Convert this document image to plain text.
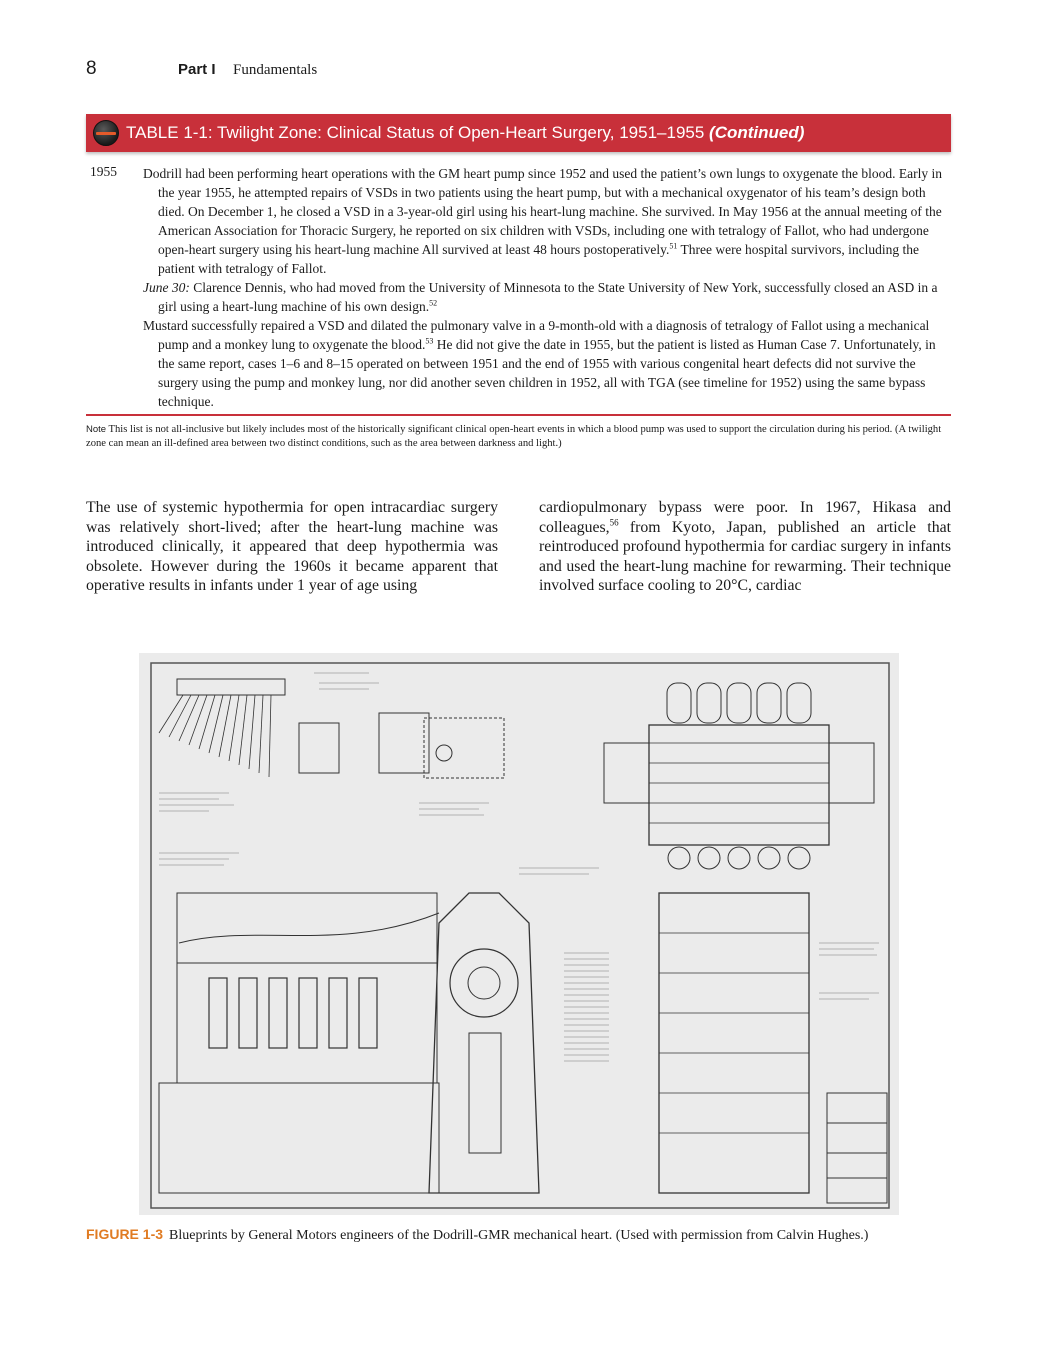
8	Part I Fundamentals
TABLE 1-1: Twilight Zone: Clinical Status of Open-Heart Surgery, 1951–1955 (Continued)
1955 Dodrill had been performing heart operations with the GM heart pump since 1952 and used the patient’s own lungs to oxygenate the blood. Early in the year 1955, he attempted repairs of VSDs in two patients using the heart pump, but with a mechanical oxygenator of his team’s design both died. On December 1, he closed a VSD in a 3-year-old girl using his heart-lung machine. She survived. In May 1956 at the annual meeting of the American Association for Thoracic Surgery, he reported on six children with VSDs, including one with tetralogy of Fallot, who had undergone open-heart surgery using his heart-lung machine All survived at least 48 hours postoperatively.$^{51}$ Three were hospital survivors, including the patient with tetralogy of Fallot.

June 30: Clarence Dennis, who had moved from the University of Minnesota to the State University of New York, successfully closed an ASD in a girl using a heart-lung machine of his own design.$^{52}$

Mustard successfully repaired a VSD and dilated the pulmonary valve in a 9-month-old with a diagnosis of tetralogy of Fallot using a mechanical pump and a monkey lung to oxygenate the blood.$^{53}$ He did not give the date in 1955, but the patient is listed as Human Case 7. Unfortunately, in the same report, cases 1–6 and 8–15 operated on between 1951 and the end of 1955 with various congenital heart defects did not survive the surgery using the pump and monkey lung, nor did another seven children in 1952, all with TGA (see timeline for 1952) using the same bypass technique.

Note This list is not all-inclusive but likely includes most of the historically significant clinical open-heart events in which a blood pump was used to support the circulation during his period. (A twilight zone can mean an ill-defined area between two distinct conditions, such as the area between darkness and light.)
The use of systemic hypothermia for open intracardiac surgery was relatively short-lived; after the heart-lung machine was introduced clinically, it appeared that deep hypothermia was obsolete. However during the 1960s it became apparent that operative results in infants under 1 year of age using
cardiopulmonary bypass were poor. In 1967, Hikasa and colleagues,$^{56}$ from Kyoto, Japan, published an article that reintroduced profound hypothermia for cardiac surgery in infants and used the heart-lung machine for rewarming. Their technique involved surface cooling to 20°C, cardiac
FIGURE 1-3 Blueprints by General Motors engineers of the Dodrill-GMR mechanical heart. (Used with permission from Calvin Hughes.)
